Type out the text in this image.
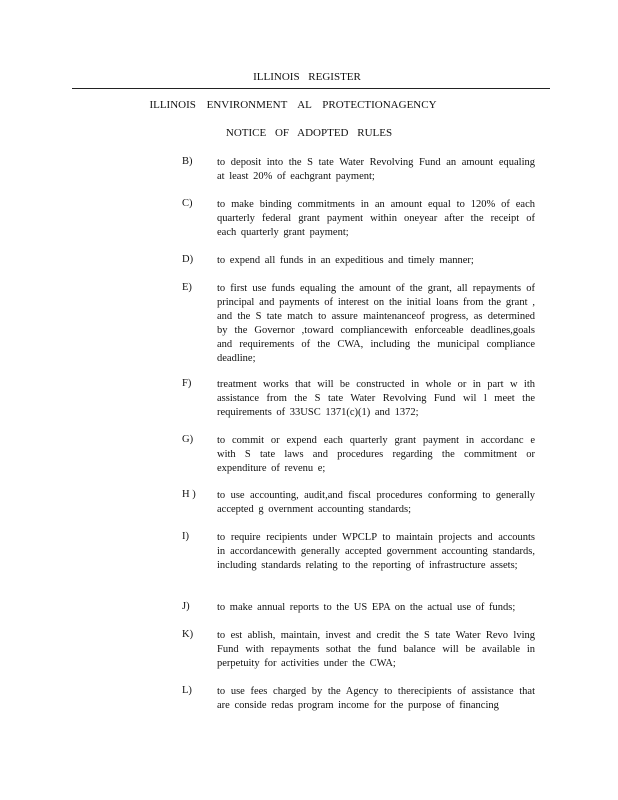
ILLINOIS REGISTER
ILLINOIS ENVIRONMENT AL PROTECTIONAGENCY
NOTICE OF ADOPTED RULES
B)	to deposit into the S tate Water Revolving Fund an amount equaling at least 20% of eachgrant payment;
C)	to make binding commitments in an amount equal to 120% of each quarterly federal grant payment within oneyear after the receipt of each quarterly grant payment;
D)	to expend all funds in an expeditious and timely manner;
E)	to first use funds equaling the amount of the grant, all repayments of principal and payments of interest on the initial loans from the grant , and the S tate match to assure maintenanceof progress, as determined by the Governor ,toward compliancewith enforceable deadlines,goals and requirements of the CWA, including the municipal compliance deadline;
F)	treatment works that will be constructed in whole or in part w ith assistance from the S tate Water Revolving Fund wil l meet the requirements of 33USC 1371(c)(1) and 1372;
G)	to commit or expend each quarterly grant payment in accordanc e with S tate laws and procedures regarding the commitment or expenditure of revenu e;
H )	to use accounting, audit,and fiscal procedures conforming to generally accepted g overnment accounting standards;
I)	to require recipients under WPCLP to maintain projects and accounts in accordancewith generally accepted government accounting standards, including standards relating to the reporting of infrastructure assets;
J)	to make annual reports to the US EPA on the actual use of funds;
K)	to est ablish, maintain, invest and credit the S tate Water Revo lving Fund with repayments sothat the fund balance will be available in perpetuity for activities under the CWA;
L)	to use fees charged by the Agency to therecipients of assistance that are conside redas program income for the purpose of financing
